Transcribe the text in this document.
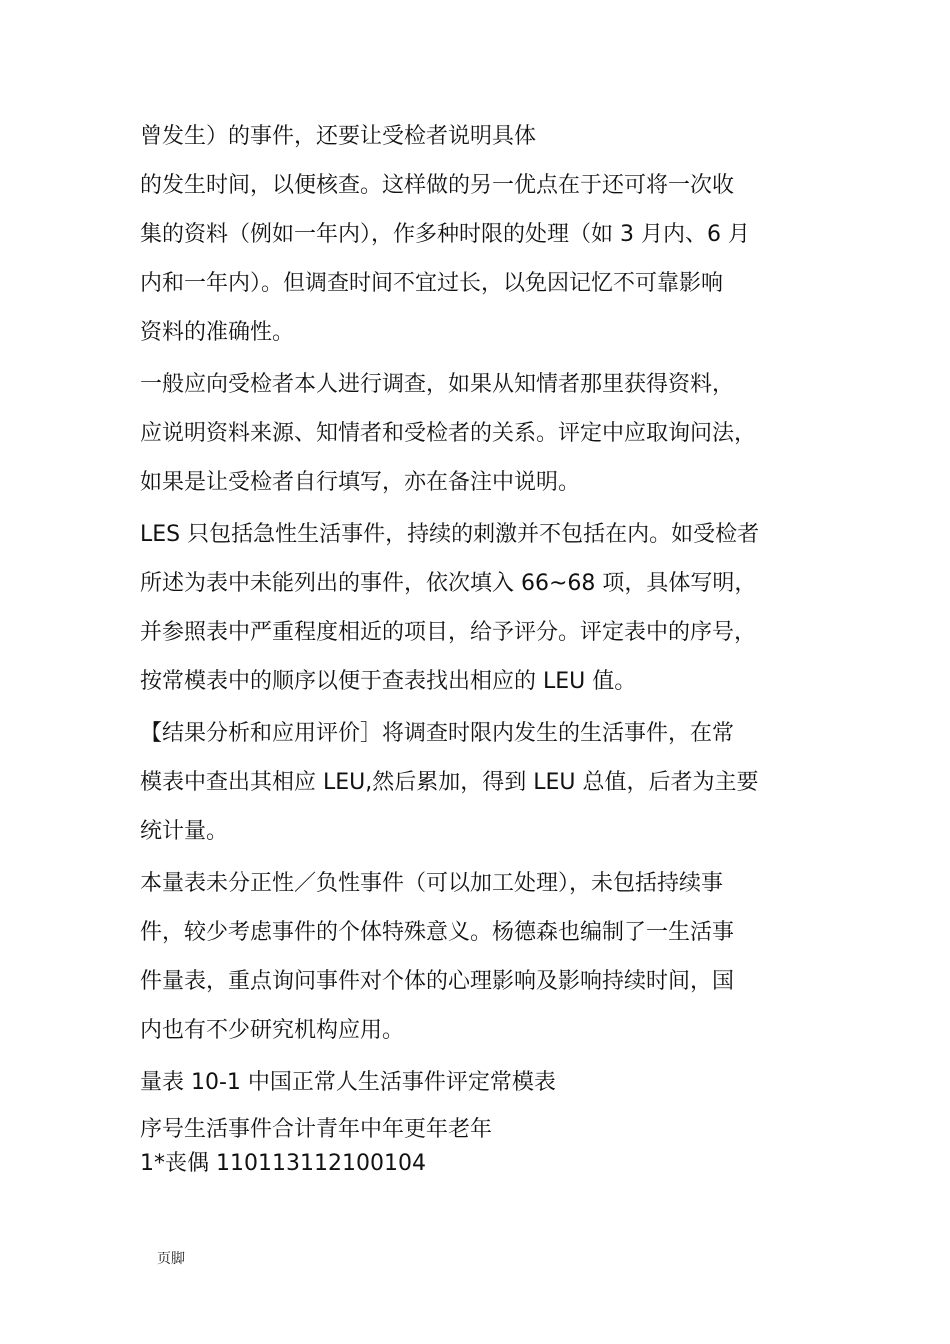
曾发生）的事件，还要让受检者说明具体
的发生时间，以便核查。这样做的另一优点在于还可将一次收
集的资料（例如一年内），作多种时限的处理（如 3 月内、6 月
内和一年内）。但调查时间不宜过长，以免因记忆不可靠影响
资料的准确性。
一般应向受检者本人进行调查，如果从知情者那里获得资料，
应说明资料来源、知情者和受检者的关系。评定中应取询问法，
如果是让受检者自行填写，亦在备注中说明。
LES 只包括急性生活事件，持续的刺激并不包括在内。如受检者
所述为表中未能列出的事件，依次填入 66~68 项，具体写明，
并参照表中严重程度相近的项目，给予评分。评定表中的序号，
按常模表中的顺序以便于查表找出相应的 LEU 值。
【结果分析和应用评价］将调查时限内发生的生活事件，在常
模表中查出其相应 LEU,然后累加，得到 LEU 总值，后者为主要
统计量。
本量表未分正性／负性事件（可以加工处理），未包括持续事
件，较少考虑事件的个体特殊意义。杨德森也编制了一生活事
件量表，重点询问事件对个体的心理影响及影响持续时间，国
内也有不少研究机构应用。
量表 10-1 中国正常人生活事件评定常模表
序号生活事件合计青年中年更年老年
1*丧偶 110113112100104
页脚
